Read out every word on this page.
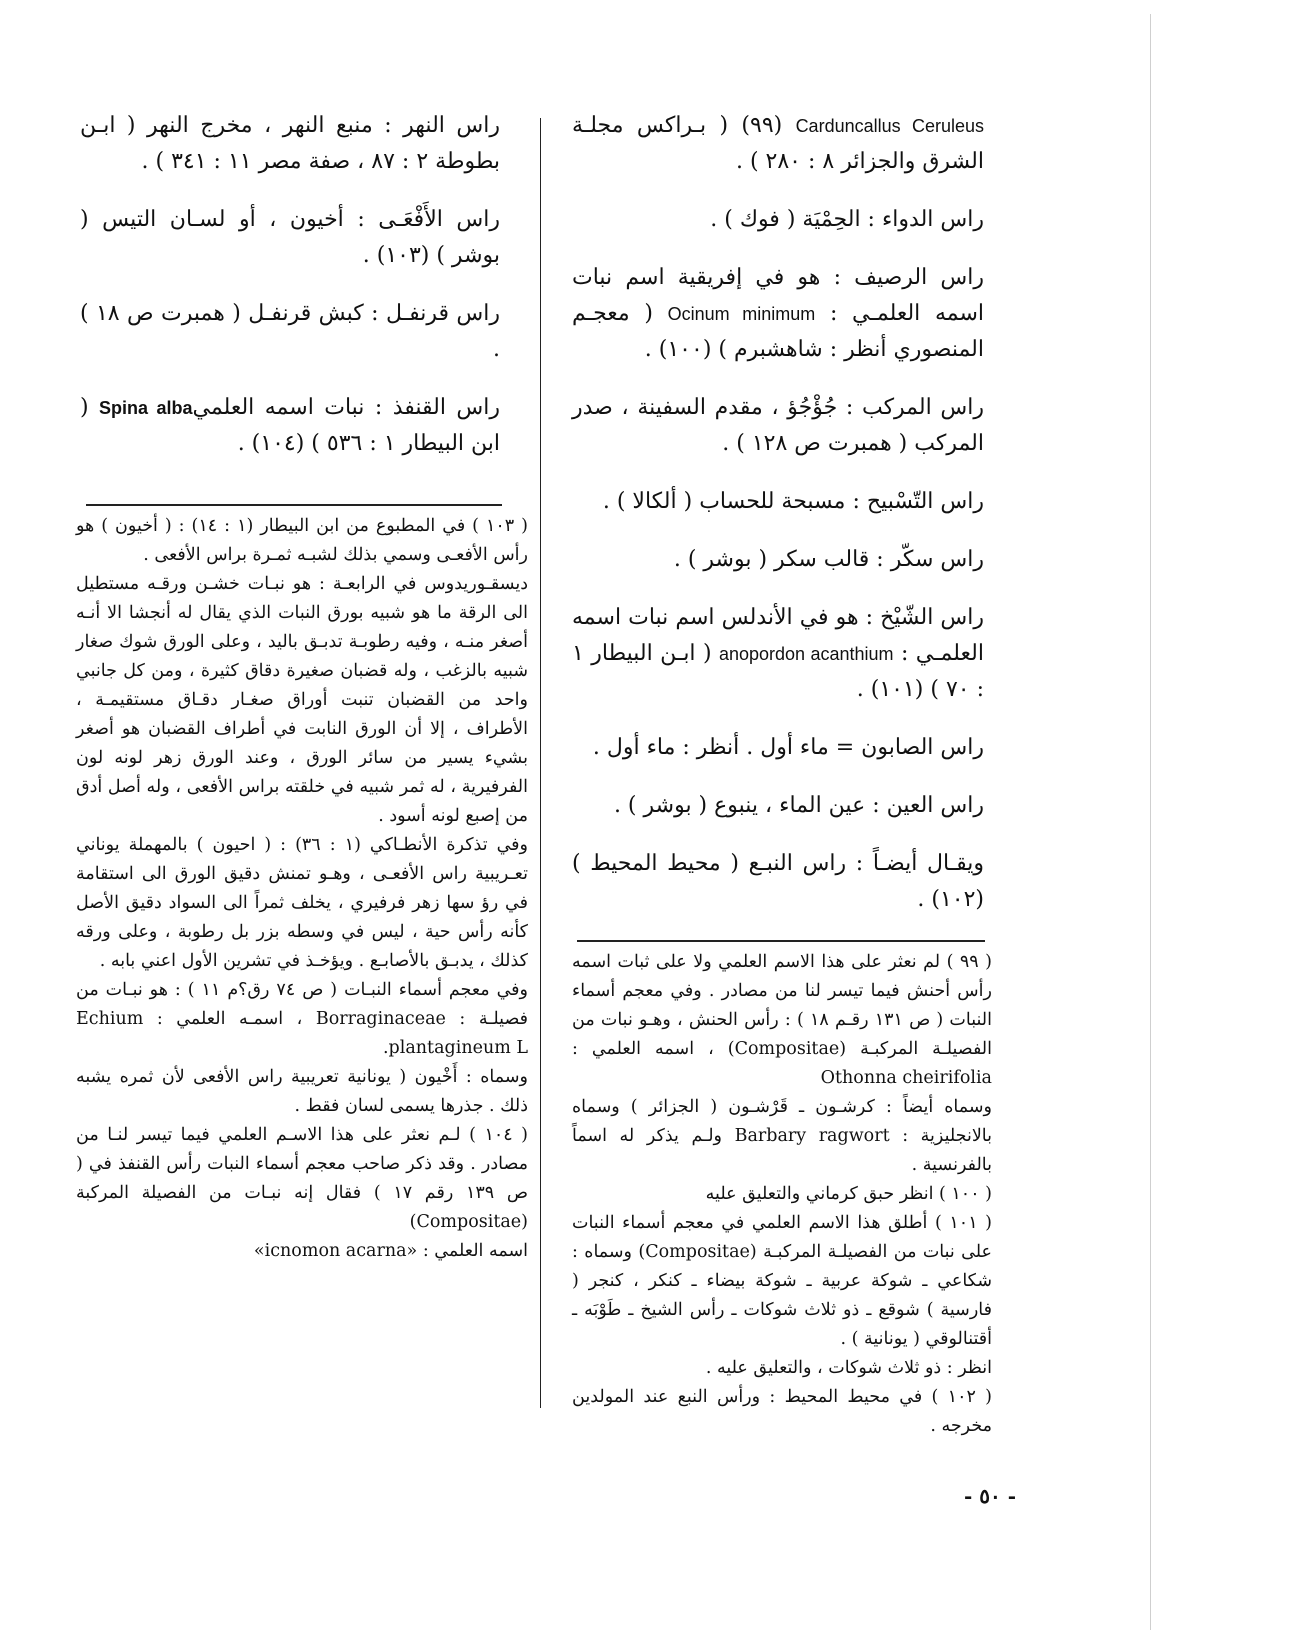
Carduncallus Ceruleus (٩٩) ( بـراكس مجلـة الشرق والجزائر ٨ : ٢٨٠ ) .

راس الدواء : الحِمْيَة ( فوك ) .

راس الرصيف : هو في إفريقية اسم نبات اسمه العلمـي : Ocinum minimum ( معجـم المنصوري أنظر : شاهشبرم ) (١٠٠) .

راس المركب : جُؤْجُؤ ، مقدم السفينة ، صدر المركب ( همبرت ص ١٢٨ ) .

راس التّسْبيح : مسبحة للحساب ( ألكالا ) .

راس سكّر : قالب سكر ( بوشر ) .

راس الشّيْخ : هو في الأندلس اسم نبات اسمه العلمـي : anopordon acanthium ( ابـن البيطار ١ : ٧٠ ) (١٠١) .

راس الصابون = ماء أول . أنظر : ماء أول .

راس العين : عين الماء ، ينبوع ( بوشر ) .

ويقـال أيضـاً : راس النبـع ( محيط المحيط ) (١٠٢) .

راس النهر : منبع النهر ، مخرج النهر ( ابـن بطوطة ٢ : ٨٧ ، صفة مصر ١١ : ٣٤١ ) .

راس الأَفْعَـى : أخيون ، أو لسـان التيس ( بوشر ) (١٠٣) .

راس قرنفـل : كبش قرنفـل ( همبرت ص ١٨ ) .

راس القنفذ : نبات اسمه العلميSpina alba ( ابن البيطار ١ : ٥٣٦ ) (١٠٤) .

( ٩٩ ) لم نعثر على هذا الاسم العلمي ولا على ثبات اسمه رأس أحنش فيما تيسر لنا من مصادر . وفي معجم أسماء النبات ( ص ١٣١ رقـم ١٨ ) : رأس الحنش ، وهـو نبات من الفصيلـة المركبـة (Compositae) ، اسمه العلمي : Othonna cheirifolia

وسماه أيضاً : كرشـون ـ قَرْشـون ( الجزائر ) وسماه بالانجليزية : Barbary ragwort ولـم يذكر له اسماً بالفرنسية .

( ١٠٠ ) انظر حبق كرماني والتعليق عليه

( ١٠١ ) أطلق هذا الاسم العلمي في معجم أسماء النبات على نبات من الفصيلـة المركبـة (Compositae) وسماه : شكاعي ـ شوكة عربية ـ شوكة بيضاء ـ كنكر ، كنجر ( فارسية ) شوقع ـ ذو ثلاث شوكات ـ رأس الشيخ ـ طَوْبَه ـ أقتنالوقي ( يونانية ) .

انظر : ذو ثلاث شوكات ، والتعليق عليه .

( ١٠٢ ) في محيط المحيط : ورأس النبع عند المولدين مخرجه .

( ١٠٣ ) في المطبوع من ابن البيطار (١ : ١٤) : ( أخيون ) هو رأس الأفعـى وسمي بذلك لشبـه ثمـرة براس الأفعى .

ديسقـوريدوس في الرابعـة : هو نبـات خشـن ورقـه مستطيل الى الرقة ما هو شبيه بورق النبات الذي يقال له أنجشا الا أنـه أصغر منـه ، وفيه رطوبـة تدبـق باليد ، وعلى الورق شوك صغار شبيه بالزغب ، وله قضبان صغيرة دقاق كثيرة ، ومن كل جانبي واحد من القضبان تنبت أوراق صغـار دقـاق مستقيمـة ، الأطراف ، إلا أن الورق النابت في أطراف القضبان هو أصغر بشيء يسير من سائر الورق ، وعند الورق زهر لونه لون الفرفيرية ، له ثمر شبيه في خلقته براس الأفعى ، وله أصل أدق من إصبع لونه أسود .

وفي تذكرة الأنطـاكي (١ : ٣٦) : ( احيون ) بالمهملة يوناني تعـريبية راس الأفعـى ، وهـو تمنش دقيق الورق الى استقامة في رؤ سها زهر فرفيري ، يخلف ثمراً الى السواد دقيق الأصل كأنه رأس حية ، ليس في وسطه بزر بل رطوبة ، وعلى ورقه كذلك ، يدبـق بالأصابـع . ويؤخـذ في تشرين الأول اعني بابه .

وفي معجم أسماء النبـات ( ص ٧٤ رق؟م ١١ ) : هو نبـات من فصيلـة : Borraginaceae ، اسمـه العلمي : Echium plantagineum L.

وسماه : أَخْيون ( يونانية تعريبية راس الأفعى لأن ثمره يشبه ذلك . جذرها يسمى لسان فقط .

( ١٠٤ ) لـم نعثر على هذا الاسـم العلمي فيما تيسر لنـا من مصادر . وقد ذكر صاحب معجم أسماء النبات رأس القنفذ في ( ص ١٣٩ رقم ١٧ ) فقال إنه نبـات من الفصيلة المركبة (Compositae)

اسمه العلمي : «icnomon acarna»

- ٥٠ -
